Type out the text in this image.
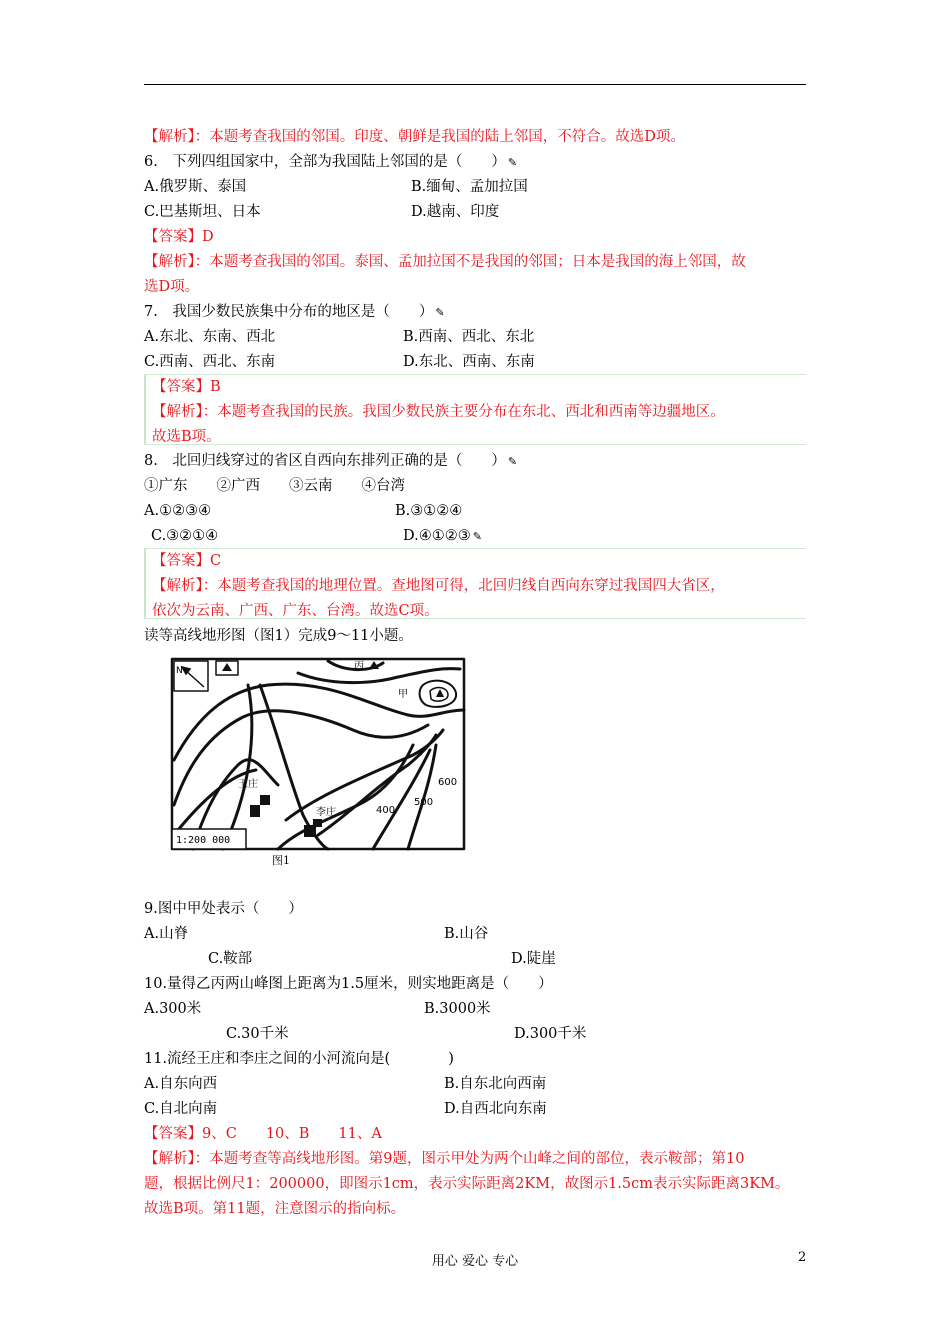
【解析】：本题考查我国的邻国。印度、朝鲜是我国的陆上邻国，不符合。故选D项。
6.　下列四组国家中，全部为我国陆上邻国的是（　　） ✎
A.俄罗斯、泰国	B.缅甸、孟加拉国
C.巴基斯坦、日本	D.越南、印度
【答案】D
【解析】：本题考查我国的邻国。泰国、孟加拉国不是我国的邻国；日本是我国的海上邻国，故
选D项。
7.　我国少数民族集中分布的地区是（　　） ✎
A.东北、东南、西北	B.西南、西北、东北
C.西南、西北、东南	D.东北、西南、东南
【答案】B
【解析】：本题考查我国的民族。我国少数民族主要分布在东北、西北和西南等边疆地区。
故选B项。
8.　北回归线穿过的省区自西向东排列正确的是（　　） ✎
①广东　　②广西　　③云南　　④台湾
A.①②③④	B.③①②④
C.③②①④	D.④①②③ ✎
【答案】C
【解析】：本题考查我国的地理位置。查地图可得，北回归线自西向东穿过我国四大省区，
依次为云南、广西、广东、台湾。故选C项。
读等高线地形图（图1）完成9～11小题。
N	丙
甲
王庄
李庄	400
500
600
1:200 000
图1
9.图中甲处表示（　　）
A.山脊	B.山谷
C.鞍部	D.陡崖
10.量得乙丙两山峰图上距离为1.5厘米，则实地距离是（　　）
A.300米	B.3000米
C.30千米	D.300千米
11.流经王庄和李庄之间的小河流向是(　　　　)
A.自东向西	B.自东北向西南
C.自北向南	D.自西北向东南
【答案】9、C　　10、B　　11、A
【解析】：本题考查等高线地形图。第9题，图示甲处为两个山峰之间的部位，表示鞍部；第10
题，根据比例尺1：200000，即图示1cm，表示实际距离2KM，故图示1.5cm表示实际距离3KM。
故选B项。第11题，注意图示的指向标。
用心 爱心 专心	2
